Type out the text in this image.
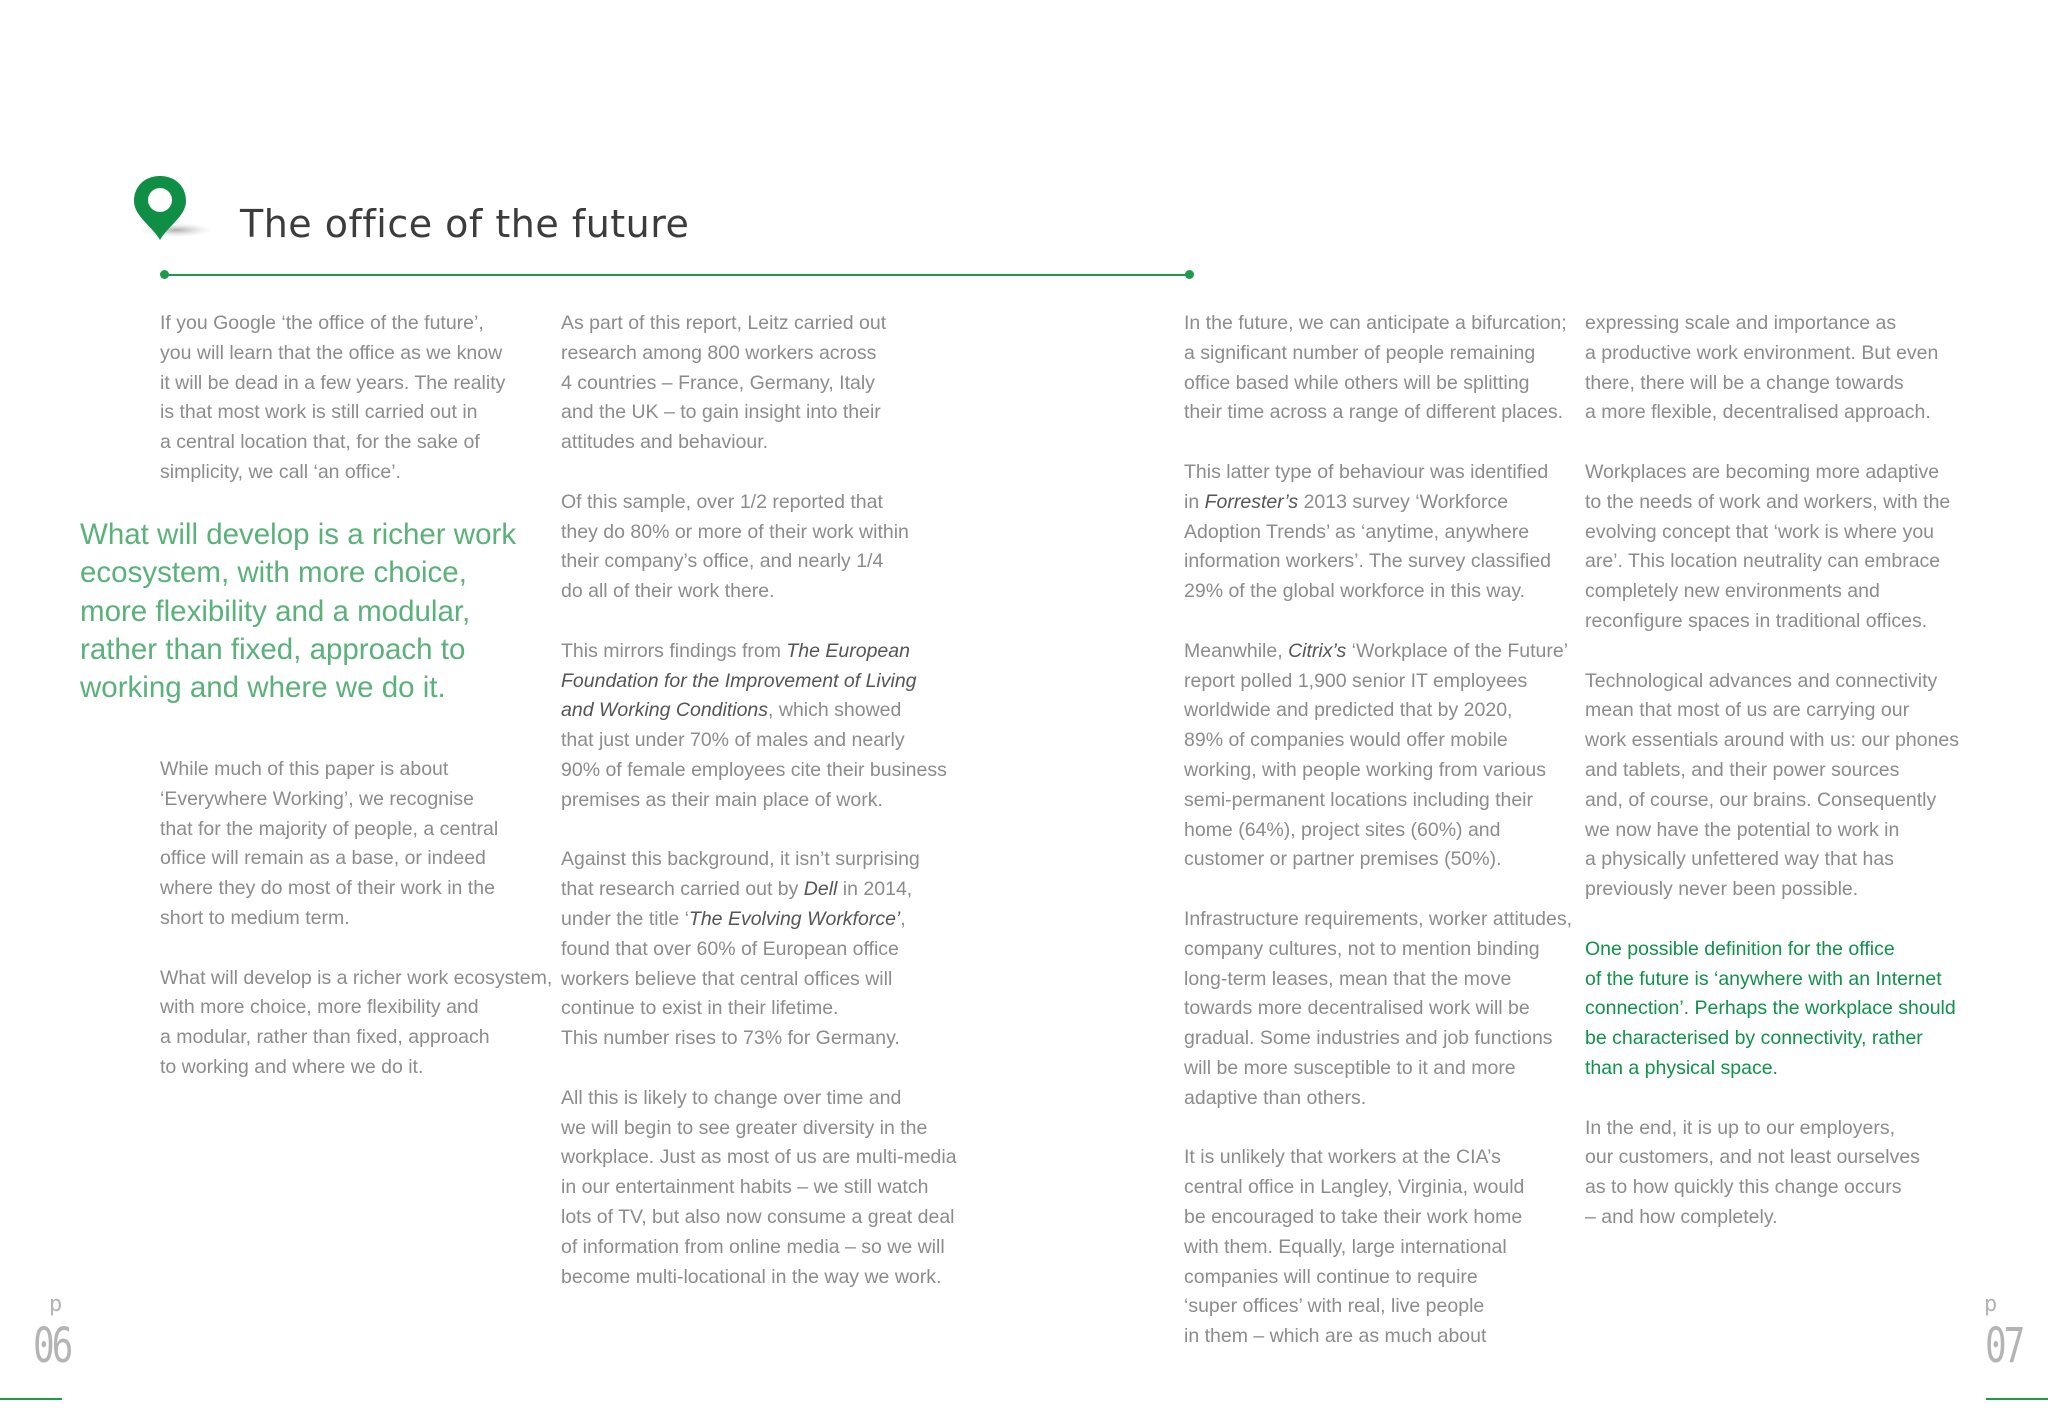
The office of the future
What will develop is a richer work
ecosystem, with more choice,
more flexibility and a modular,
rather than fixed, approach to
working and where we do it.

If you Google ‘the office of the future’,
you will learn that the office as we know
it will be dead in a few years. The reality
is that most work is still carried out in
a central location that, for the sake of
simplicity, we call ‘an office’.

While much of this paper is about
‘Everywhere Working’, we recognise
that for the majority of people, a central
office will remain as a base, or indeed
where they do most of their work in the
short to medium term.

What will develop is a richer work ecosystem,
with more choice, more flexibility and
a modular, rather than fixed, approach
to working and where we do it.

As part of this report, Leitz carried out
research among 800 workers across
4 countries – France, Germany, Italy
and the UK – to gain insight into their
attitudes and behaviour.

Of this sample, over 1/2 reported that
they do 80% or more of their work within
their company’s office, and nearly 1/4
do all of their work there.

This mirrors findings from The European
Foundation for the Improvement of Living
and Working Conditions, which showed
that just under 70% of males and nearly
90% of female employees cite their business
premises as their main place of work.

Against this background, it isn’t surprising
that research carried out by Dell in 2014,
under the title ‘The Evolving Workforce’,
found that over 60% of European office
workers believe that central offices will
continue to exist in their lifetime.
This number rises to 73% for Germany.

All this is likely to change over time and
we will begin to see greater diversity in the
workplace. Just as most of us are multi-media
in our entertainment habits – we still watch
lots of TV, but also now consume a great deal
of information from online media – so we will
become multi-locational in the way we work.

In the future, we can anticipate a bifurcation;
a significant number of people remaining
office based while others will be splitting
their time across a range of different places.

This latter type of behaviour was identified
in Forrester’s 2013 survey ‘Workforce
Adoption Trends’ as ‘anytime, anywhere
information workers’. The survey classified
29% of the global workforce in this way.

Meanwhile, Citrix’s ‘Workplace of the Future’
report polled 1,900 senior IT employees
worldwide and predicted that by 2020,
89% of companies would offer mobile
working, with people working from various
semi-permanent locations including their
home (64%), project sites (60%) and
customer or partner premises (50%).

Infrastructure requirements, worker attitudes,
company cultures, not to mention binding
long-term leases, mean that the move
towards more decentralised work will be
gradual. Some industries and job functions
will be more susceptible to it and more
adaptive than others.

It is unlikely that workers at the CIA’s
central office in Langley, Virginia, would
be encouraged to take their work home
with them. Equally, large international
companies will continue to require
‘super offices’ with real, live people
in them – which are as much about

expressing scale and importance as
a productive work environment. But even
there, there will be a change towards
a more flexible, decentralised approach.

Workplaces are becoming more adaptive
to the needs of work and workers, with the
evolving concept that ‘work is where you
are’. This location neutrality can embrace
completely new environments and
reconfigure spaces in traditional offices.

Technological advances and connectivity
mean that most of us are carrying our
work essentials around with us: our phones
and tablets, and their power sources
and, of course, our brains. Consequently
we now have the potential to work in
a physically unfettered way that has
previously never been possible.

One possible definition for the office
of the future is ‘anywhere with an Internet
connection’. Perhaps the workplace should
be characterised by connectivity, rather
than a physical space.

In the end, it is up to our employers,
our customers, and not least ourselves
as to how quickly this change occurs
– and how completely.

p
06
p
07
